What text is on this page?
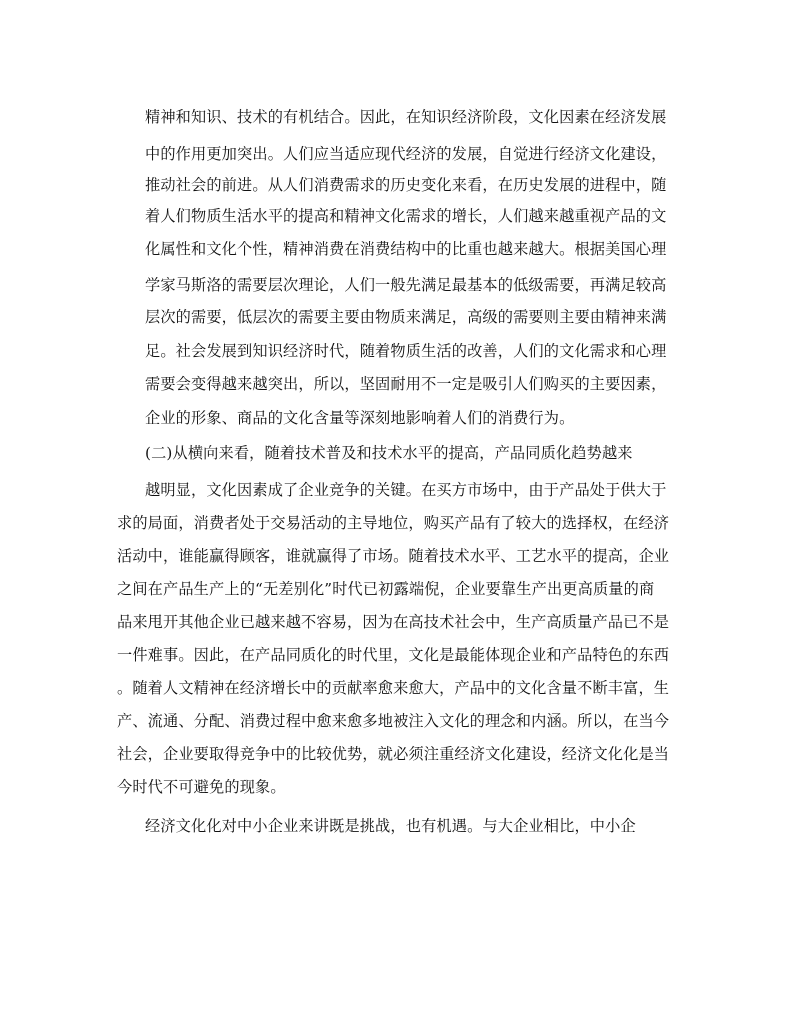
精神和知识、技术的有机结合。因此，在知识经济阶段，文化因素在经济发展
中的作用更加突出。人们应当适应现代经济的发展，自觉进行经济文化建设，
推动社会的前进。从人们消费需求的历史变化来看，在历史发展的进程中，随
着人们物质生活水平的提高和精神文化需求的增长，人们越来越重视产品的文
化属性和文化个性，精神消费在消费结构中的比重也越来越大。根据美国心理
学家马斯洛的需要层次理论，人们一般先满足最基本的低级需要，再满足较高
层次的需要，低层次的需要主要由物质来满足，高级的需要则主要由精神来满
足。社会发展到知识经济时代，随着物质生活的改善，人们的文化需求和心理
需要会变得越来越突出，所以，坚固耐用不一定是吸引人们购买的主要因素，
企业的形象、商品的文化含量等深刻地影响着人们的消费行为。
(二)从横向来看，随着技术普及和技术水平的提高，产品同质化趋势越来
越明显，文化因素成了企业竞争的关键。在买方市场中，由于产品处于供大于
求的局面，消费者处于交易活动的主导地位，购买产品有了较大的选择权，在经济
活动中，谁能赢得顾客，谁就赢得了市场。随着技术水平、工艺水平的提高，企业
之间在产品生产上的“无差别化”时代已初露端倪，企业要靠生产出更高质量的商
品来甩开其他企业已越来越不容易，因为在高技术社会中，生产高质量产品已不是
一件难事。因此，在产品同质化的时代里，文化是最能体现企业和产品特色的东西
。随着人文精神在经济增长中的贡献率愈来愈大，产品中的文化含量不断丰富，生
产、流通、分配、消费过程中愈来愈多地被注入文化的理念和内涵。所以，在当今
社会，企业要取得竞争中的比较优势，就必须注重经济文化建设，经济文化化是当
今时代不可避免的现象。
经济文化化对中小企业来讲既是挑战，也有机遇。与大企业相比，中小企
